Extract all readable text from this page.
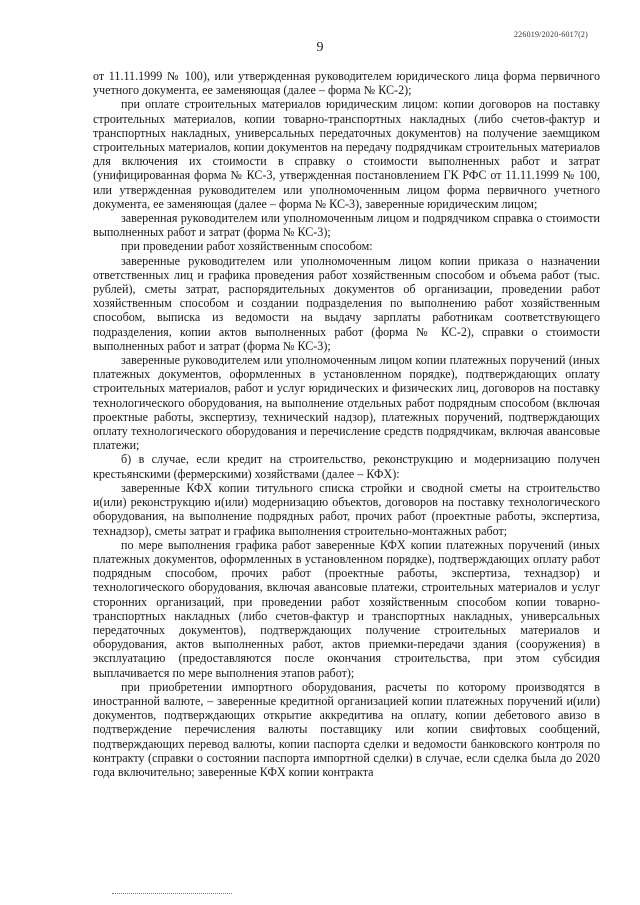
226019/2020-6017(2)
9

от 11.11.1999 № 100), или утвержденная руководителем юридического лица форма первичного учетного документа, ее заменяющая (далее – форма № КС-2);

при оплате строительных материалов юридическим лицом: копии договоров на поставку строительных материалов, копии товарно-транспортных накладных (либо счетов-фактур и транспортных накладных, универсальных передаточных документов) на получение заемщиком строительных материалов, копии документов на передачу подрядчикам строительных материалов для включения их стоимости в справку о стоимости выполненных работ и затрат (унифицированная форма № КС-3, утвержденная постановлением ГК РФС от 11.11.1999 № 100, или утвержденная руководителем или уполномоченным лицом форма первичного учетного документа, ее заменяющая (далее – форма № КС-3), заверенные юридическим лицом;

заверенная руководителем или уполномоченным лицом и подрядчиком справка о стоимости выполненных работ и затрат (форма № КС-3);

при проведении работ хозяйственным способом:

заверенные руководителем или уполномоченным лицом копии приказа о назначении ответственных лиц и графика проведения работ хозяйственным способом и объема работ (тыс. рублей), сметы затрат, распорядительных документов об организации, проведении работ хозяйственным способом и создании подразделения по выполнению работ хозяйственным способом, выписка из ведомости на выдачу зарплаты работникам соответствующего подразделения, копии актов выполненных работ (форма № КС-2), справки о стоимости выполненных работ и затрат (форма № КС-3);

заверенные руководителем или уполномоченным лицом копии платежных поручений (иных платежных документов, оформленных в установленном порядке), подтверждающих оплату строительных материалов, работ и услуг юридических и физических лиц, договоров на поставку технологического оборудования, на выполнение отдельных работ подрядным способом (включая проектные работы, экспертизу, технический надзор), платежных поручений, подтверждающих оплату технологического оборудования и перечисление средств подрядчикам, включая авансовые платежи;

б) в случае, если кредит на строительство, реконструкцию и модернизацию получен крестьянскими (фермерскими) хозяйствами (далее – КФХ):

заверенные КФХ копии титульного списка стройки и сводной сметы на строительство и(или) реконструкцию и(или) модернизацию объектов, договоров на поставку технологического оборудования, на выполнение подрядных работ, прочих работ (проектные работы, экспертиза, технадзор), сметы затрат и графика выполнения строительно-монтажных работ;

по мере выполнения графика работ заверенные КФХ копии платежных поручений (иных платежных документов, оформленных в установленном порядке), подтверждающих оплату работ подрядным способом, прочих работ (проектные работы, экспертиза, технадзор) и технологического оборудования, включая авансовые платежи, строительных материалов и услуг сторонних организаций, при проведении работ хозяйственным способом копии товарно-транспортных накладных (либо счетов-фактур и транспортных накладных, универсальных передаточных документов), подтверждающих получение строительных материалов и оборудования, актов выполненных работ, актов приемки-передачи здания (сооружения) в эксплуатацию (предоставляются после окончания строительства, при этом субсидия выплачивается по мере выполнения этапов работ);

при приобретении импортного оборудования, расчеты по которому производятся в иностранной валюте, – заверенные кредитной организацией копии платежных поручений и(или) документов, подтверждающих открытие аккредитива на оплату, копии дебетового авизо в подтверждение перечисления валюты поставщику или копии свифтовых сообщений, подтверждающих перевод валюты, копии паспорта сделки и ведомости банковского контроля по контракту (справки о состоянии паспорта импортной сделки) в случае, если сделка была до 2020 года включительно; заверенные КФХ копии контракта
